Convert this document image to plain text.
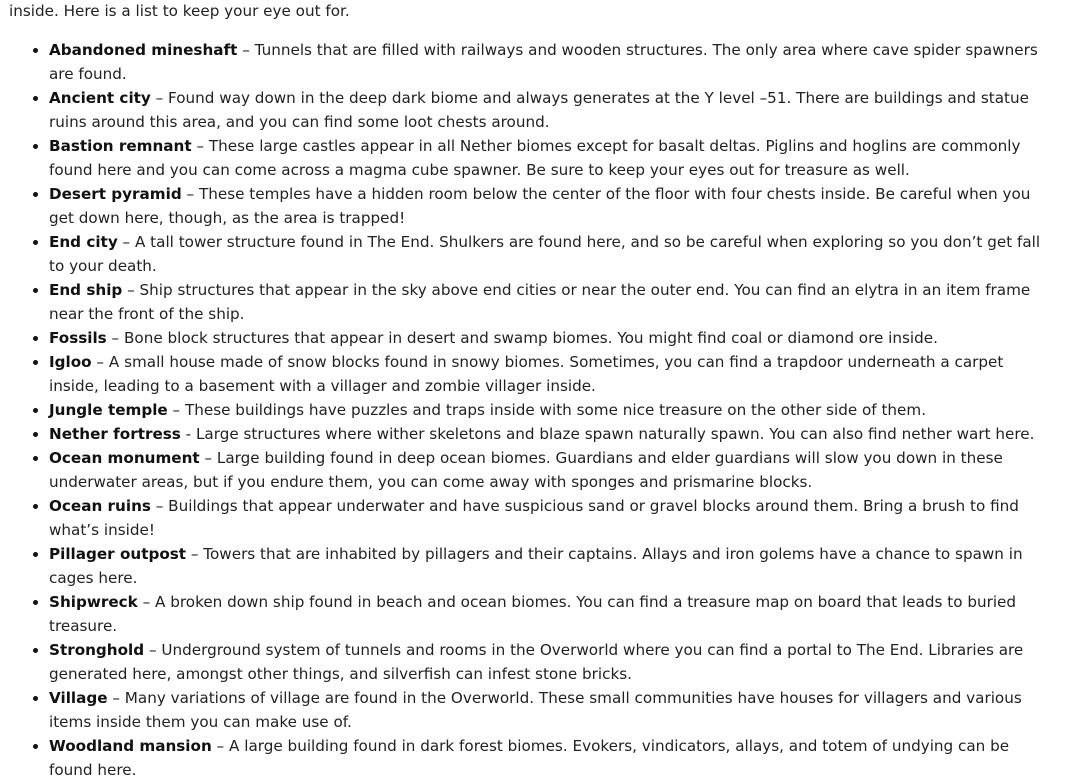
inside. Here is a list to keep your eye out for.

• Abandoned mineshaft – Tunnels that are filled with railways and wooden structures. The only area where cave spider spawners are found.
• Ancient city – Found way down in the deep dark biome and always generates at the Y level –51. There are buildings and statue ruins around this area, and you can find some loot chests around.
• Bastion remnant – These large castles appear in all Nether biomes except for basalt deltas. Piglins and hoglins are commonly found here and you can come across a magma cube spawner. Be sure to keep your eyes out for treasure as well.
• Desert pyramid – These temples have a hidden room below the center of the floor with four chests inside. Be careful when you get down here, though, as the area is trapped!
• End city – A tall tower structure found in The End. Shulkers are found here, and so be careful when exploring so you don’t get fall to your death.
• End ship – Ship structures that appear in the sky above end cities or near the outer end. You can find an elytra in an item frame near the front of the ship.
• Fossils – Bone block structures that appear in desert and swamp biomes. You might find coal or diamond ore inside.
• Igloo – A small house made of snow blocks found in snowy biomes. Sometimes, you can find a trapdoor underneath a carpet inside, leading to a basement with a villager and zombie villager inside.
• Jungle temple – These buildings have puzzles and traps inside with some nice treasure on the other side of them.
• Nether fortress - Large structures where wither skeletons and blaze spawn naturally spawn. You can also find nether wart here.
• Ocean monument – Large building found in deep ocean biomes. Guardians and elder guardians will slow you down in these underwater areas, but if you endure them, you can come away with sponges and prismarine blocks.
• Ocean ruins – Buildings that appear underwater and have suspicious sand or gravel blocks around them. Bring a brush to find what’s inside!
• Pillager outpost – Towers that are inhabited by pillagers and their captains. Allays and iron golems have a chance to spawn in cages here.
• Shipwreck – A broken down ship found in beach and ocean biomes. You can find a treasure map on board that leads to buried treasure.
• Stronghold – Underground system of tunnels and rooms in the Overworld where you can find a portal to The End. Libraries are generated here, amongst other things, and silverfish can infest stone bricks.
• Village – Many variations of village are found in the Overworld. These small communities have houses for villagers and various items inside them you can make use of.
• Woodland mansion – A large building found in dark forest biomes. Evokers, vindicators, allays, and totem of undying can be found here.
